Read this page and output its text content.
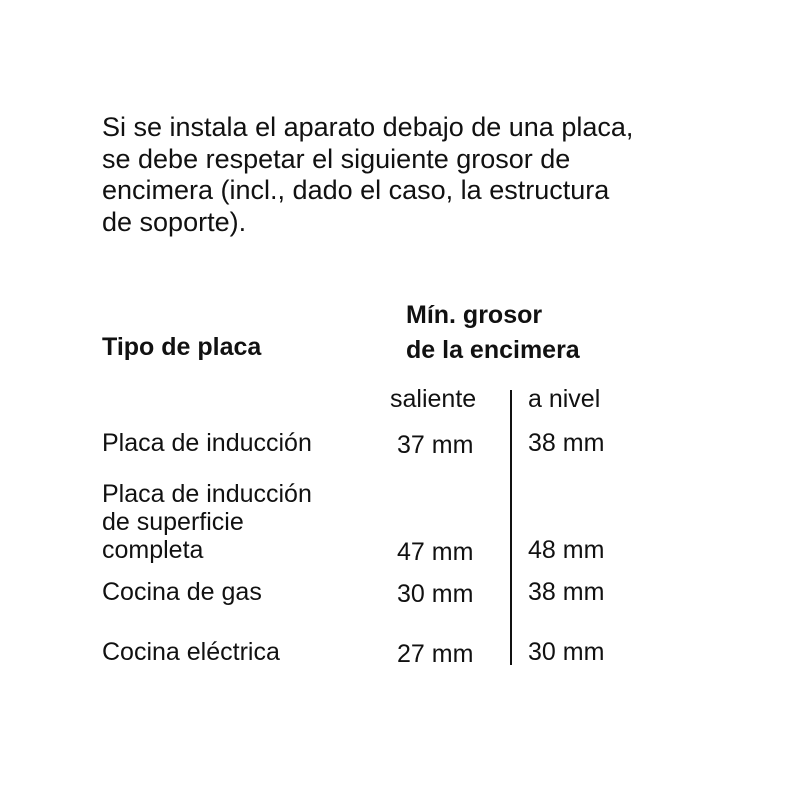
Si se instala el aparato debajo de una placa,
se debe respetar el siguiente grosor de
encimera (incl., dado el caso, la estructura
de soporte).

Tipo de placa
Mín. grosor
de la encimera
saliente a nivel
Placa de inducción	37 mm 38 mm
Placa de inducción
de superficie
completa	47 mm 48 mm
Cocina de gas	30 mm 38 mm
Cocina eléctrica	27 mm 30 mm
